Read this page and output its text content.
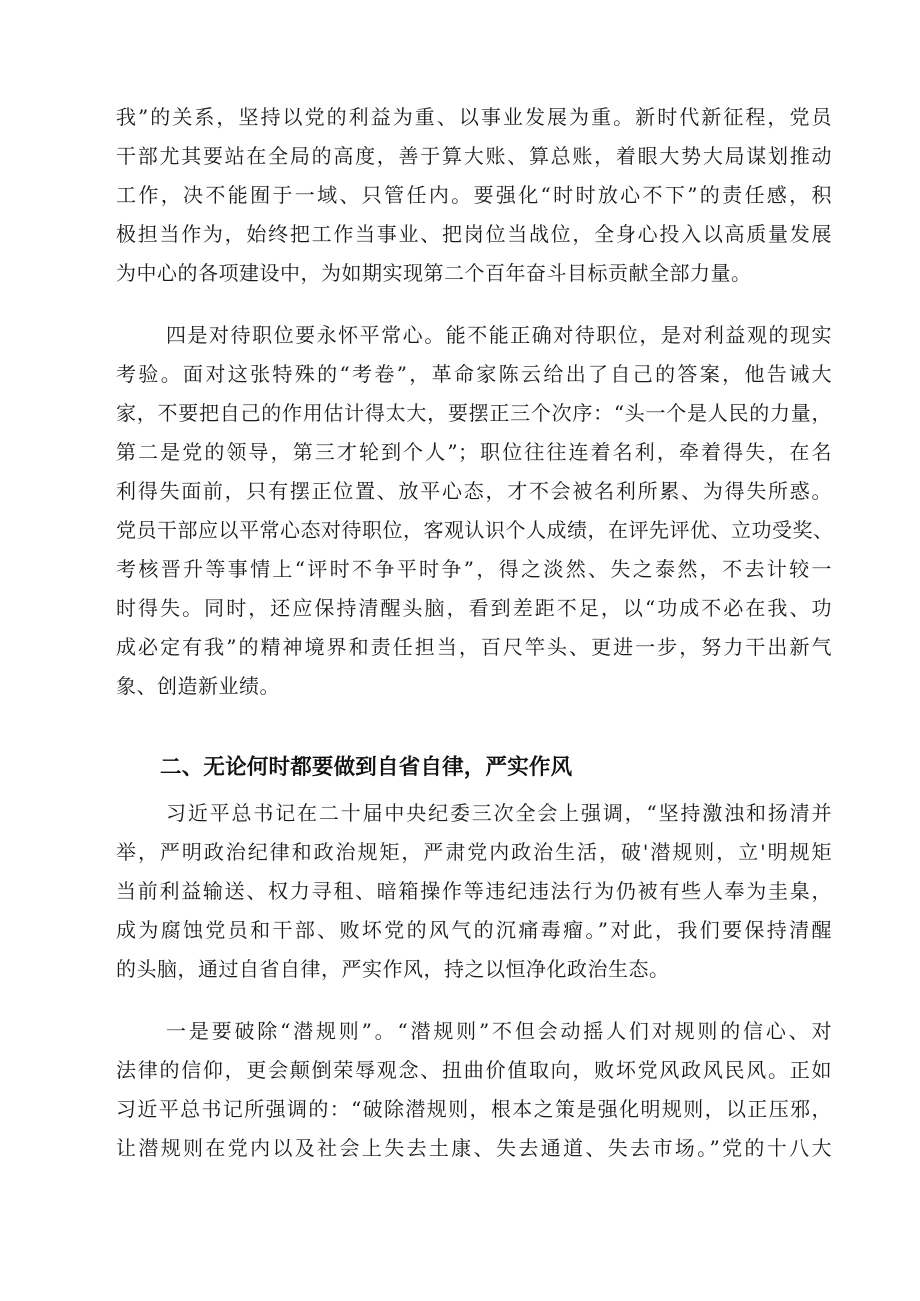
我”的关系，坚持以党的利益为重、以事业发展为重。新时代新征程，党员
干部尤其要站在全局的高度，善于算大账、算总账，着眼大势大局谋划推动
工作，决不能囿于一域、只管任内。要强化“时时放心不下”的责任感，积
极担当作为，始终把工作当事业、把岗位当战位，全身心投入以高质量发展
为中心的各项建设中，为如期实现第二个百年奋斗目标贡献全部力量。
四是对待职位要永怀平常心。能不能正确对待职位，是对利益观的现实
考验。面对这张特殊的“考卷”，革命家陈云给出了自己的答案，他告诫大
家，不要把自己的作用估计得太大，要摆正三个次序：“头一个是人民的力量，
第二是党的领导，第三才轮到个人”；职位往往连着名利，牵着得失，在名
利得失面前，只有摆正位置、放平心态，才不会被名利所累、为得失所惑。
党员干部应以平常心态对待职位，客观认识个人成绩，在评先评优、立功受奖、
考核晋升等事情上“评时不争平时争”，得之淡然、失之泰然，不去计较一
时得失。同时，还应保持清醒头脑，看到差距不足，以“功成不必在我、功
成必定有我”的精神境界和责任担当，百尺竿头、更进一步，努力干出新气
象、创造新业绩。
二、无论何时都要做到自省自律，严实作风
习近平总书记在二十届中央纪委三次全会上强调，“坚持激浊和扬清并
举，严明政治纪律和政治规矩，严肃党内政治生活，破'潜规则，立'明规矩
当前利益输送、权力寻租、暗箱操作等违纪违法行为仍被有些人奉为圭臬，
成为腐蚀党员和干部、败坏党的风气的沉痛毒瘤。”对此，我们要保持清醒
的头脑，通过自省自律，严实作风，持之以恒净化政治生态。
一是要破除“潜规则”。“潜规则”不但会动摇人们对规则的信心、对
法律的信仰，更会颠倒荣辱观念、扭曲价值取向，败坏党风政风民风。正如
习近平总书记所强调的：“破除潜规则，根本之策是强化明规则，以正压邪，
让潜规则在党内以及社会上失去土康、失去通道、失去市场。”党的十八大
